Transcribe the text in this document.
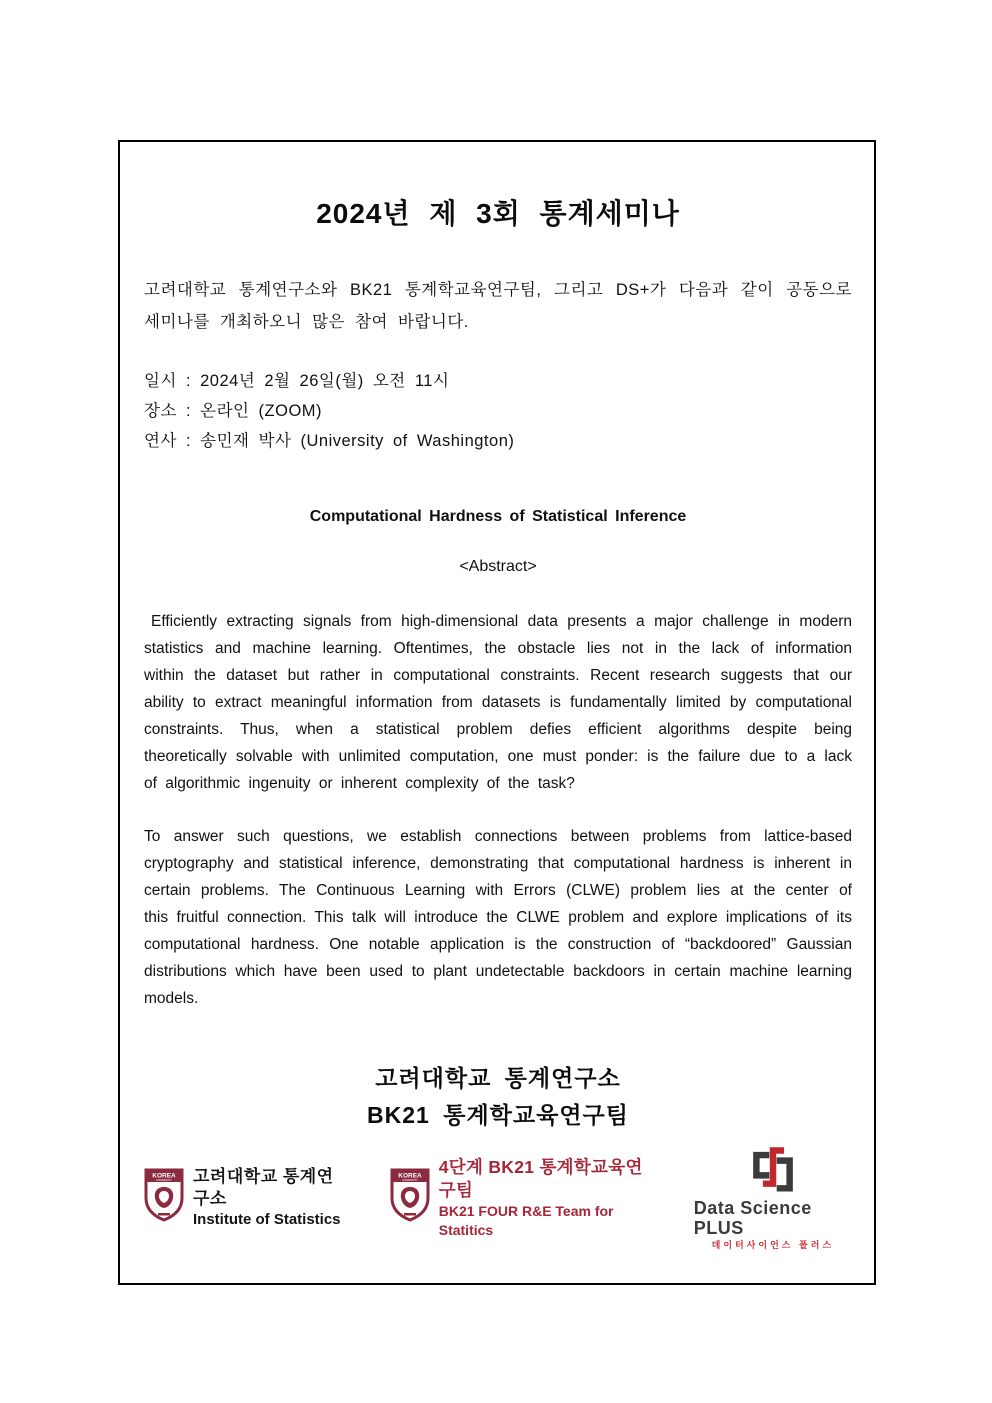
2024년 제 3회 통계세미나

고려대학교 통계연구소와 BK21 통계학교육연구팀, 그리고 DS+가 다음과 같이 공동으로 세미나를 개최하오니 많은 참여 바랍니다.

일시 : 2024년 2월 26일(월) 오전 11시
장소 : 온라인 (ZOOM)
연사 : 송민재 박사 (University of Washington)
Computational Hardness of Statistical Inference
<Abstract>

Efficiently extracting signals from high-dimensional data presents a major challenge in modern statistics and machine learning. Oftentimes, the obstacle lies not in the lack of information within the dataset but rather in computational constraints. Recent research suggests that our ability to extract meaningful information from datasets is fundamentally limited by computational constraints. Thus, when a statistical problem defies efficient algorithms despite being theoretically solvable with unlimited computation, one must ponder: is the failure due to a lack of algorithmic ingenuity or inherent complexity of the task?

To answer such questions, we establish connections between problems from lattice-based cryptography and statistical inference, demonstrating that computational hardness is inherent in certain problems. The Continuous Learning with Errors (CLWE) problem lies at the center of this fruitful connection. This talk will introduce the CLWE problem and explore implications of its computational hardness. One notable application is the construction of “backdoored” Gaussian distributions which have been used to plant undetectable backdoors in certain machine learning models.

고려대학교 통계연구소
BK21 통계학교육연구팀
KOREA
UNIVERSITY 고려대학교 통계연구소
Institute of Statistics
KOREA
UNIVERSITY
4단계 BK21 통계학교육연구팀
BK21 FOUR R&E Team for Statitics
Data Science PLUS
데이터사이언스 플러스
